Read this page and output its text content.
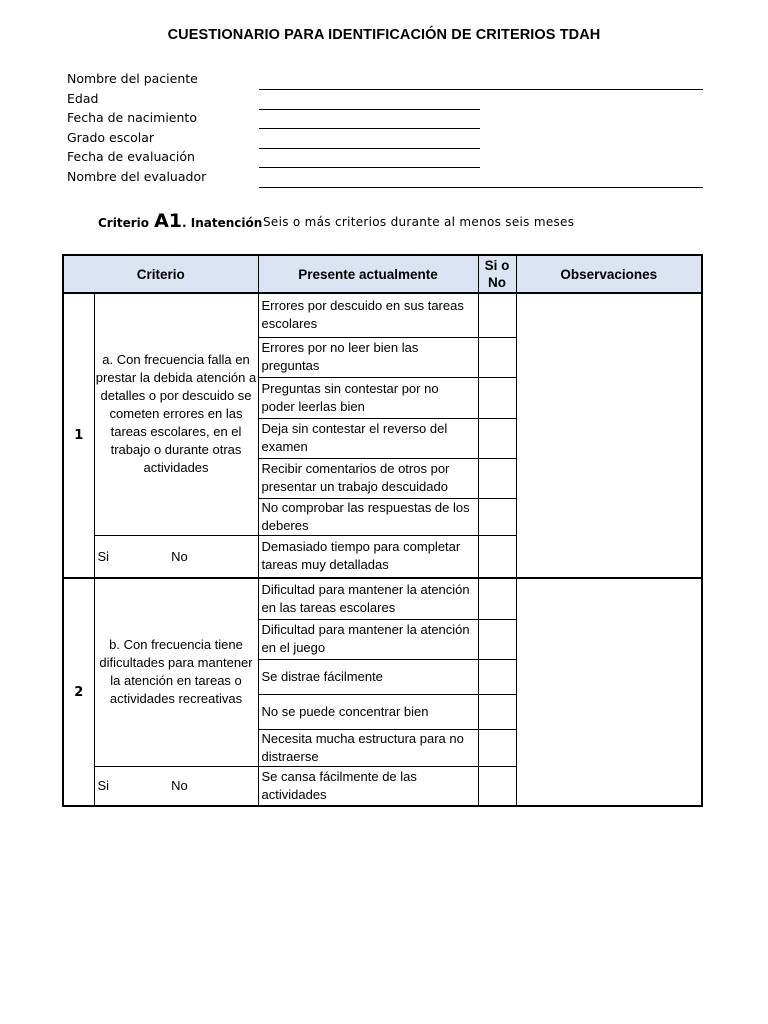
CUESTIONARIO PARA IDENTIFICACIÓN DE CRITERIOS TDAH
Nombre del paciente
Edad
Fecha de nacimiento
Grado escolar
Fecha de evaluación
Nombre del evaluador
Criterio A1. Inatención Seis o más criterios durante al menos seis meses
Criterio		Presente actualmente	Si o No	Observaciones
1	a. Con frecuencia falla en prestar la debida atención a detalles o por descuido se cometen errores en las tareas escolares, en el trabajo o durante otras actividades	Errores por descuido en sus tareas escolares		
		Errores por no leer bien las preguntas		
		Preguntas sin contestar por no poder leerlas bien		
		Deja sin contestar el reverso del examen		
		Recibir comentarios de otros por presentar un trabajo descuidado		
		No comprobar las respuestas de los deberes		
	Si No	Demasiado tiempo para completar tareas muy detalladas		
2	b. Con frecuencia tiene dificultades para mantener la atención en tareas o actividades recreativas	Dificultad para mantener la atención en las tareas escolares		
		Dificultad para mantener la atención en el juego		
		Se distrae fácilmente		
		No se puede concentrar bien		
		Necesita mucha estructura para no distraerse		
	Si No	Se cansa fácilmente de las actividades		
